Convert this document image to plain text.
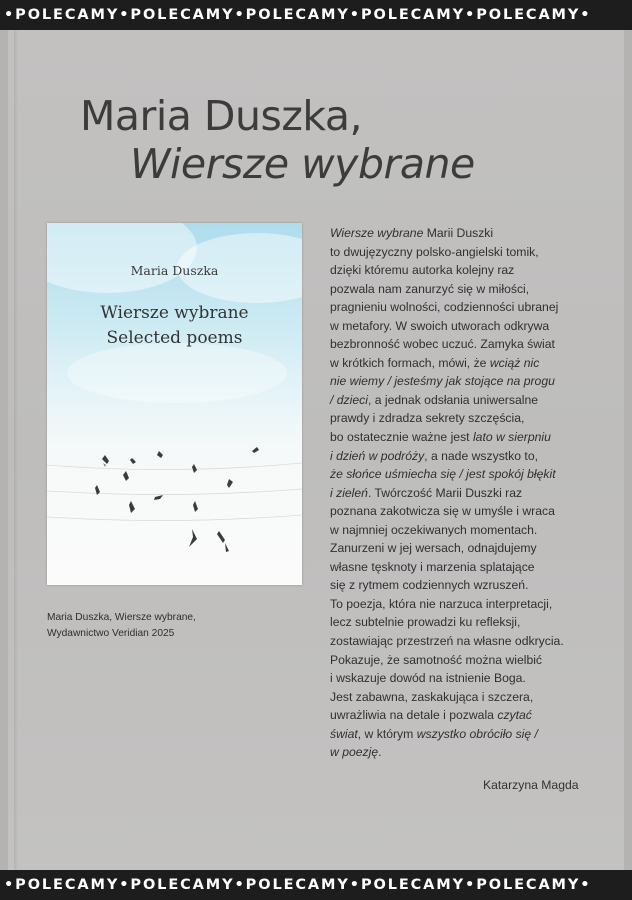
•POLECAMY•POLECAMY•POLECAMY•POLECAMY•POLECAMY•
Maria Duszka,
Wiersze wybrane
Maria Duszka
Wiersze wybrane
Selected poems
Maria Duszka, Wiersze wybrane,
Wydawnictwo Veridian 2025
Wiersze wybrane Marii Duszki
to dwujęzyczny polsko-angielski tomik,
dzięki któremu autorka kolejny raz
pozwala nam zanurzyć się w miłości,
pragnieniu wolności, codzienności ubranej
w metafory. W swoich utworach odkrywa
bezbronność wobec uczuć. Zamyka świat
w krótkich formach, mówi, że wciąż nic
nie wiemy / jesteśmy jak stojące na progu
/ dzieci, a jednak odsłania uniwersalne
prawdy i zdradza sekrety szczęścia,
bo ostatecznie ważne jest lato w sierpniu
i dzień w podróży, a nade wszystko to,
że słońce uśmiecha się / jest spokój błękit
i zieleń. Twórczość Marii Duszki raz
poznana zakotwicza się w umyśle i wraca
w najmniej oczekiwanych momentach.
Zanurzeni w jej wersach, odnajdujemy
własne tęsknoty i marzenia splatające
się z rytmem codziennych wzruszeń.
To poezja, która nie narzuca interpretacji,
lecz subtelnie prowadzi ku refleksji,
zostawiając przestrzeń na własne odkrycia.
Pokazuje, że samotność można wielbić
i wskazuje dowód na istnienie Boga.
Jest zabawna, zaskakująca i szczera,
uwrażliwia na detale i pozwala czytać
świat, w którym wszystko obróciło się /
w poezję.
Katarzyna Magda
•POLECAMY•POLECAMY•POLECAMY•POLECAMY•POLECAMY•
